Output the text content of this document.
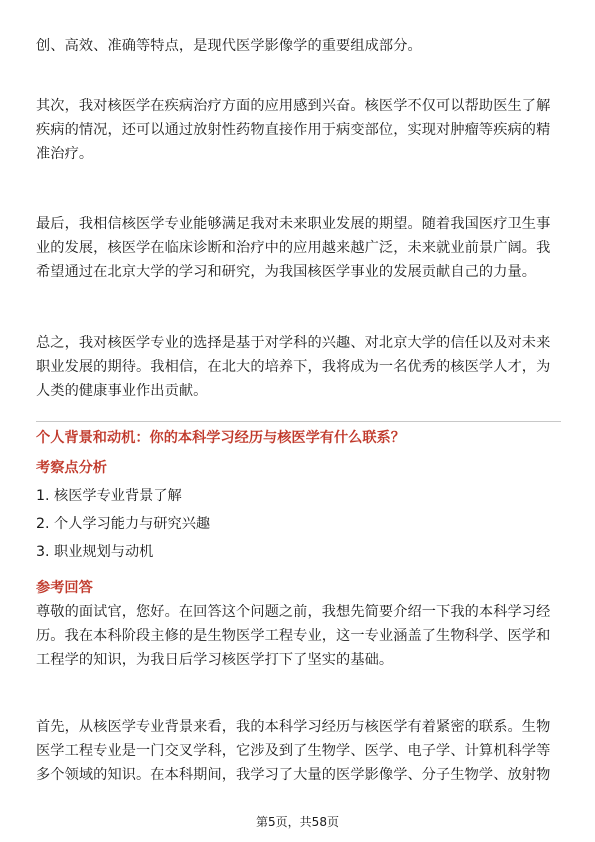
创、高效、准确等特点，是现代医学影像学的重要组成部分。

其次，我对核医学在疾病治疗方面的应用感到兴奋。核医学不仅可以帮助医生了解疾病的情况，还可以通过放射性药物直接作用于病变部位，实现对肿瘤等疾病的精准治疗。

最后，我相信核医学专业能够满足我对未来职业发展的期望。随着我国医疗卫生事业的发展，核医学在临床诊断和治疗中的应用越来越广泛，未来就业前景广阔。我希望通过在北京大学的学习和研究，为我国核医学事业的发展贡献自己的力量。

总之，我对核医学专业的选择是基于对学科的兴趣、对北京大学的信任以及对未来职业发展的期待。我相信，在北大的培养下，我将成为一名优秀的核医学人才，为人类的健康事业作出贡献。

个人背景和动机：你的本科学习经历与核医学有什么联系？
考察点分析
1. 核医学专业背景了解
2. 个人学习能力与研究兴趣
3. 职业规划与动机
参考回答

尊敬的面试官，您好。在回答这个问题之前，我想先简要介绍一下我的本科学习经历。我在本科阶段主修的是生物医学工程专业，这一专业涵盖了生物科学、医学和工程学的知识，为我日后学习核医学打下了坚实的基础。

首先，从核医学专业背景来看，我的本科学习经历与核医学有着紧密的联系。生物医学工程专业是一门交叉学科，它涉及到了生物学、医学、电子学、计算机科学等多个领域的知识。在本科期间，我学习了大量的医学影像学、分子生物学、放射物

第5页，共58页
